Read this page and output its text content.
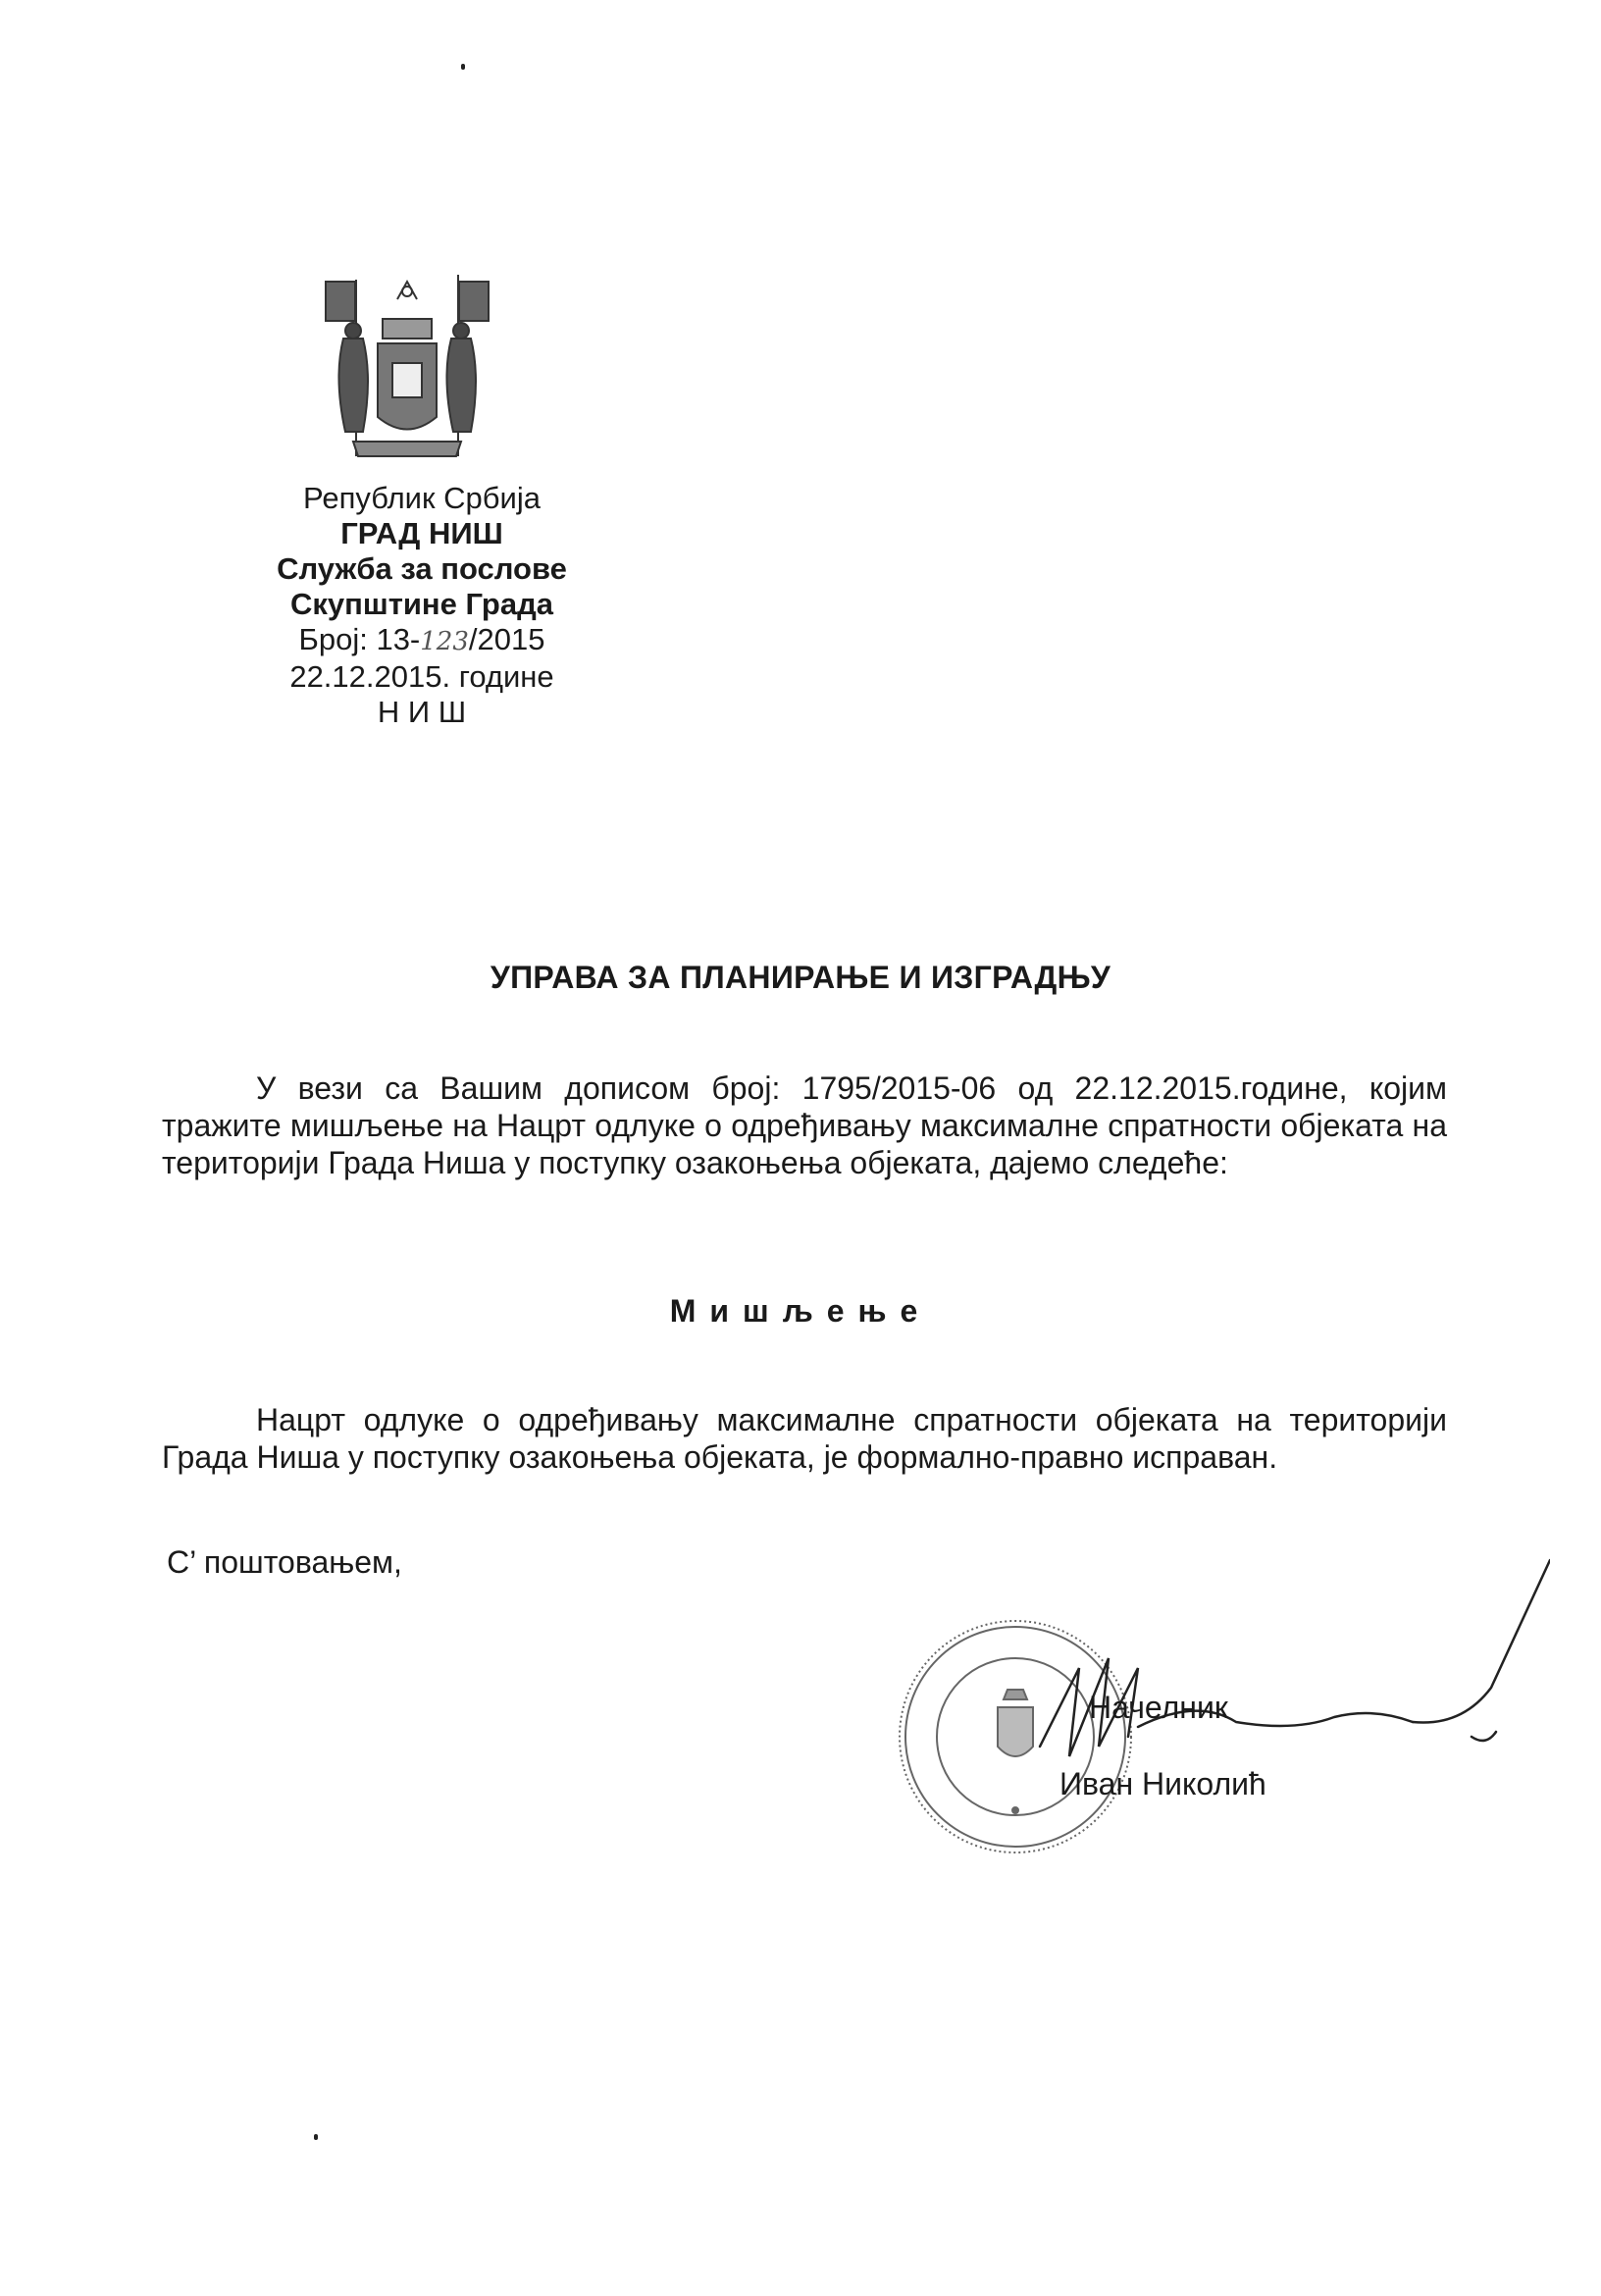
Републик Србија
ГРАД НИШ
Служба за послове
Скупштине Града
Број: 13-123/2015
22.12.2015. године
Н И Ш
УПРАВА ЗА ПЛАНИРАЊЕ И ИЗГРАДЊУ
У вези са Вашим дописом број: 1795/2015-06 од 22.12.2015.године, којим тражите мишљење на Нацрт одлуке о одређивању максималне спратности објеката на територији Града Ниша у поступку озакоњења објеката, дајемо следеће:
Мишљење
Нацрт одлуке о одређивању максималне спратности објеката на територији Града Ниша у поступку озакоњења објеката, је формално-правно исправан.
С’ поштовањем,
Начелник
Иван Николић
